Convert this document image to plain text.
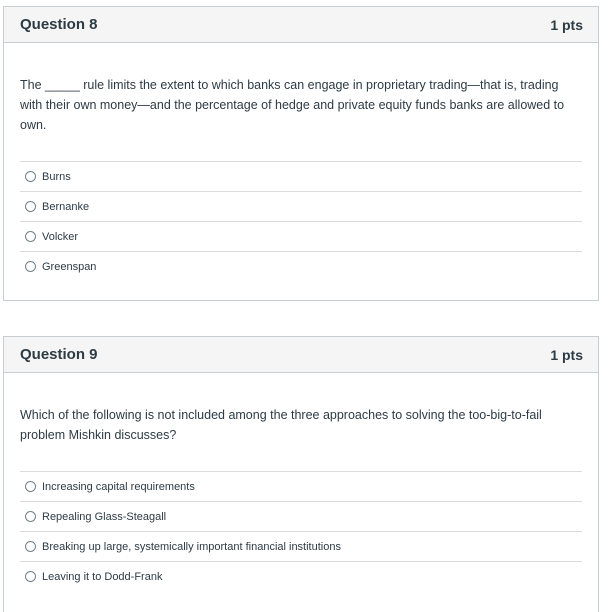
Question 8	1 pts

The _____ rule limits the extent to which banks can engage in proprietary trading—that is, trading with their own money—and the percentage of hedge and private equity funds banks are allowed to own.

Burns
Bernanke
Volcker
Greenspan
Question 9	1 pts

Which of the following is not included among the three approaches to solving the too-big-to-fail problem Mishkin discusses?

Increasing capital requirements
Repealing Glass-Steagall
Breaking up large, systemically important financial institutions
Leaving it to Dodd-Frank
